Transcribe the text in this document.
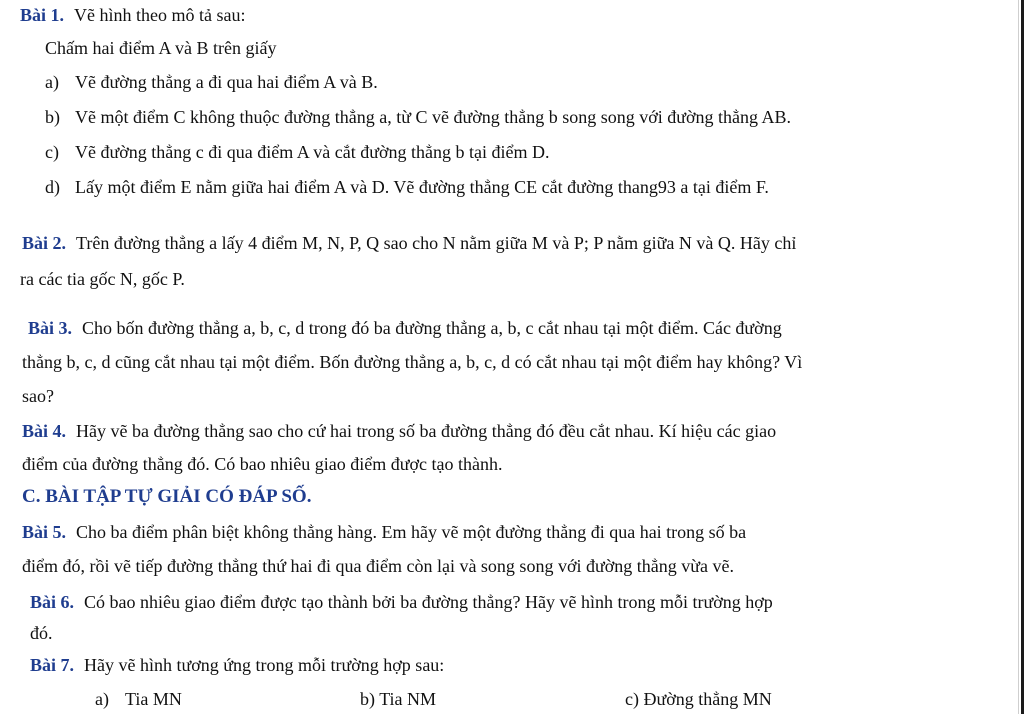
Bài 1. Vẽ hình theo mô tả sau:
Chấm hai điểm A và B trên giấy
a) Vẽ đường thẳng a đi qua hai điểm A và B.
b) Vẽ một điểm C không thuộc đường thẳng a, từ C vẽ đường thẳng b song song với đường thẳng AB.
c) Vẽ đường thẳng c đi qua điểm A và cắt đường thẳng b tại điểm D.
d) Lấy một điểm E nằm giữa hai điểm A và D. Vẽ đường thẳng CE cắt đường thang93 a tại điểm F.
Bài 2. Trên đường thẳng a lấy 4 điểm M, N, P, Q sao cho N nằm giữa M và P; P nằm giữa N và Q. Hãy chỉ
ra các tia gốc N, gốc P.
Bài 3. Cho bốn đường thẳng a, b, c, d trong đó ba đường thẳng a, b, c cắt nhau tại một điểm. Các đường
thẳng b, c, d cũng cắt nhau tại một điểm. Bốn đường thẳng a, b, c, d có cắt nhau tại một điểm hay không? Vì
sao?
Bài 4. Hãy vẽ ba đường thẳng sao cho cứ hai trong số ba đường thẳng đó đều cắt nhau. Kí hiệu các giao
điểm của đường thẳng đó. Có bao nhiêu giao điểm được tạo thành.
C. BÀI TẬP TỰ GIẢI CÓ ĐÁP SỐ.
Bài 5. Cho ba điểm phân biệt không thẳng hàng. Em hãy vẽ một đường thẳng đi qua hai trong số ba
điểm đó, rồi vẽ tiếp đường thẳng thứ hai đi qua điểm còn lại và song song với đường thẳng vừa vẽ.
Bài 6. Có bao nhiêu giao điểm được tạo thành bởi ba đường thẳng? Hãy vẽ hình trong mỗi trường hợp
đó.
Bài 7. Hãy vẽ hình tương ứng trong mỗi trường hợp sau:
a) Tia MN	b) Tia NM	c) Đường thẳng MN
